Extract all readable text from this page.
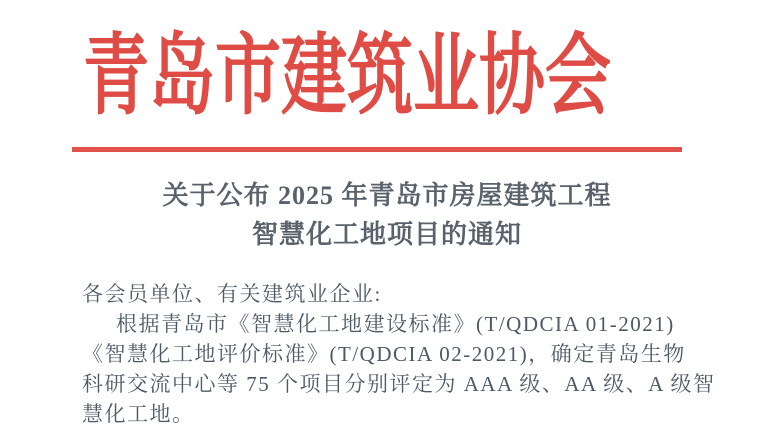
青岛市建筑业协会
关于公布 2025 年青岛市房屋建筑工程
智慧化工地项目的通知
各会员单位、有关建筑业企业:
根据青岛市《智慧化工地建设标准》(T/QDCIA 01-2021)
《智慧化工地评价标准》(T/QDCIA 02-2021)，确定青岛生物
科研交流中心等 75 个项目分别评定为 AAA 级、AA 级、A 级智
慧化工地。
